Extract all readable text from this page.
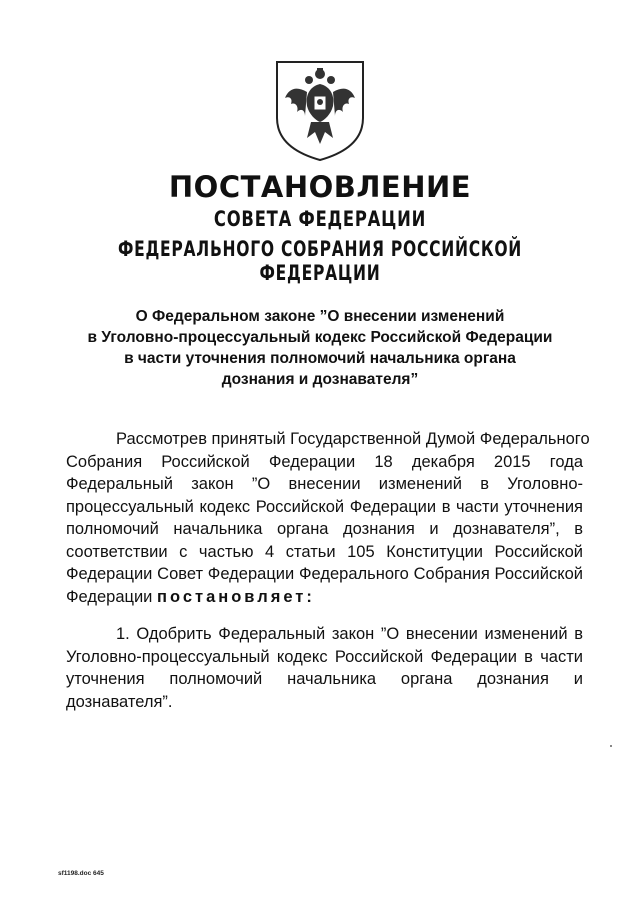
ПОСТАНОВЛЕНИЕ
СОВЕТА ФЕДЕРАЦИИ
ФЕДЕРАЛЬНОГО СОБРАНИЯ РОССИЙСКОЙ ФЕДЕРАЦИИ
О Федеральном законе ”О внесении изменений
в Уголовно-процессуальный кодекс Российской Федерации
в части уточнения полномочий начальника органа
дознания и дознавателя”
Рассмотрев принятый Государственной Думой Федерального
Собрания Российской Федерации 18 декабря 2015 года
Федеральный закон ”О внесении изменений в Уголовно-
процессуальный кодекс Российской Федерации в части уточнения
полномочий начальника органа дознания и дознавателя”, в
соответствии с частью 4 статьи 105 Конституции Российской
Федерации Совет Федерации Федерального Собрания Российской
Федерации постановляет:
1. Одобрить Федеральный закон ”О внесении изменений в
Уголовно-процессуальный кодекс Российской Федерации в части
уточнения полномочий начальника органа дознания и
дознавателя”.
sf1198.doc 645
